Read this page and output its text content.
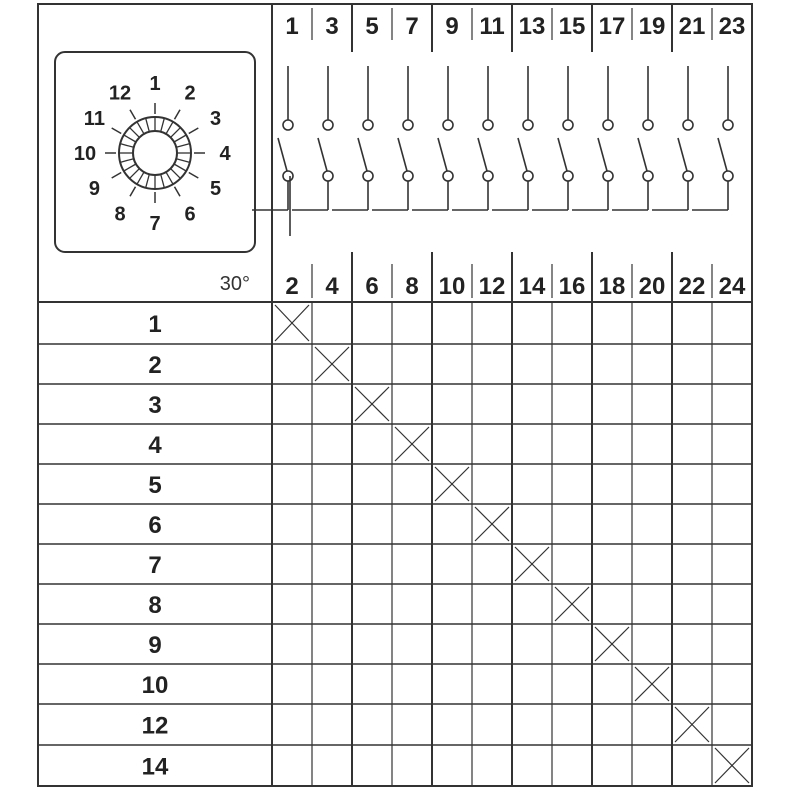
1 2
3
4
5
6
7
8
9
10
11
12
30°
1 3 5 7 9 11 13 15 17 19 21 23
2 4 6 8 10 12 14 16 18 20 22 24
1
2
3
4
5
6
7
8
9
10
12
14
